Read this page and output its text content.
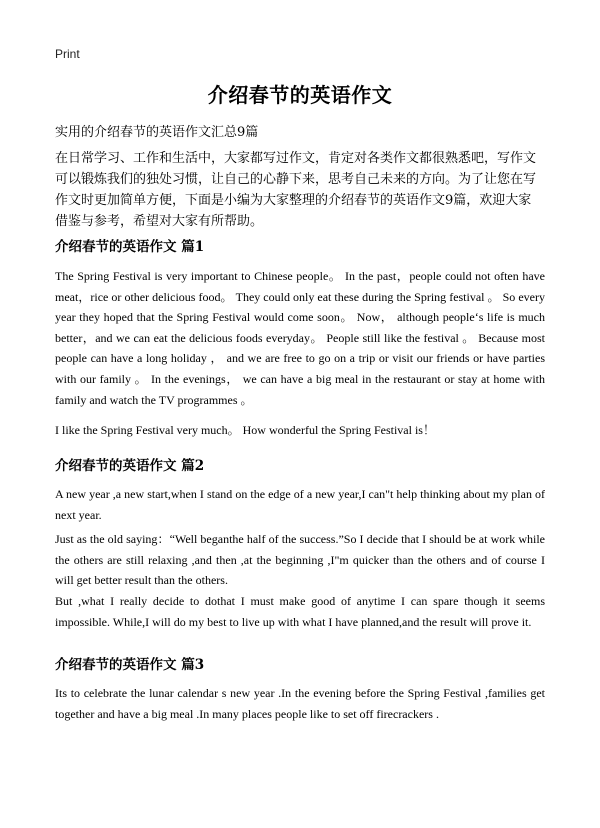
Print
介绍春节的英语作文
实用的介绍春节的英语作文汇总9篇
在日常学习、工作和生活中，大家都写过作文，肯定对各类作文都很熟悉吧，写作文可以锻炼我们的独处习惯，让自己的心静下来，思考自己未来的方向。为了让您在写作文时更加简单方便，下面是小编为大家整理的介绍春节的英语作文9篇，欢迎大家借鉴与参考，希望对大家有所帮助。
介绍春节的英语作文 篇1
The Spring Festival is very important to Chinese people。 In the past，people could not often have meat，rice or other delicious food。 They could only eat these during the Spring festival 。 So every year they hoped that the Spring Festival would come soon。 Now， although people‘s life is much better，and we can eat the delicious foods everyday。 People still like the festival 。 Because most people can have a long holiday ， and we are free to go on a trip or visit our friends or have parties with our family 。 In the evenings， we can have a big meal in the restaurant or stay at home with family and watch the TV programmes 。
I like the Spring Festival very much。 How wonderful the Spring Festival is！
介绍春节的英语作文 篇2
A new year ,a new start,when I stand on the edge of a new year,I can"t help thinking about my plan of next year.
Just as the old saying：“Well beganthe half of the success.”So I decide that I should be at work while the others are still relaxing ,and then ,at the beginning ,I"m quicker than the others and of course I will get better result than the others.
But ,what I really decide to dothat I must make good of anytime I can spare though it seems impossible. While,I will do my best to live up with what I have planned,and the result will prove it.
介绍春节的英语作文 篇3
Its to celebrate the lunar calendar s new year .In the evening before the Spring Festival ,families get together and have a big meal .In many places people like to set off firecrackers .
